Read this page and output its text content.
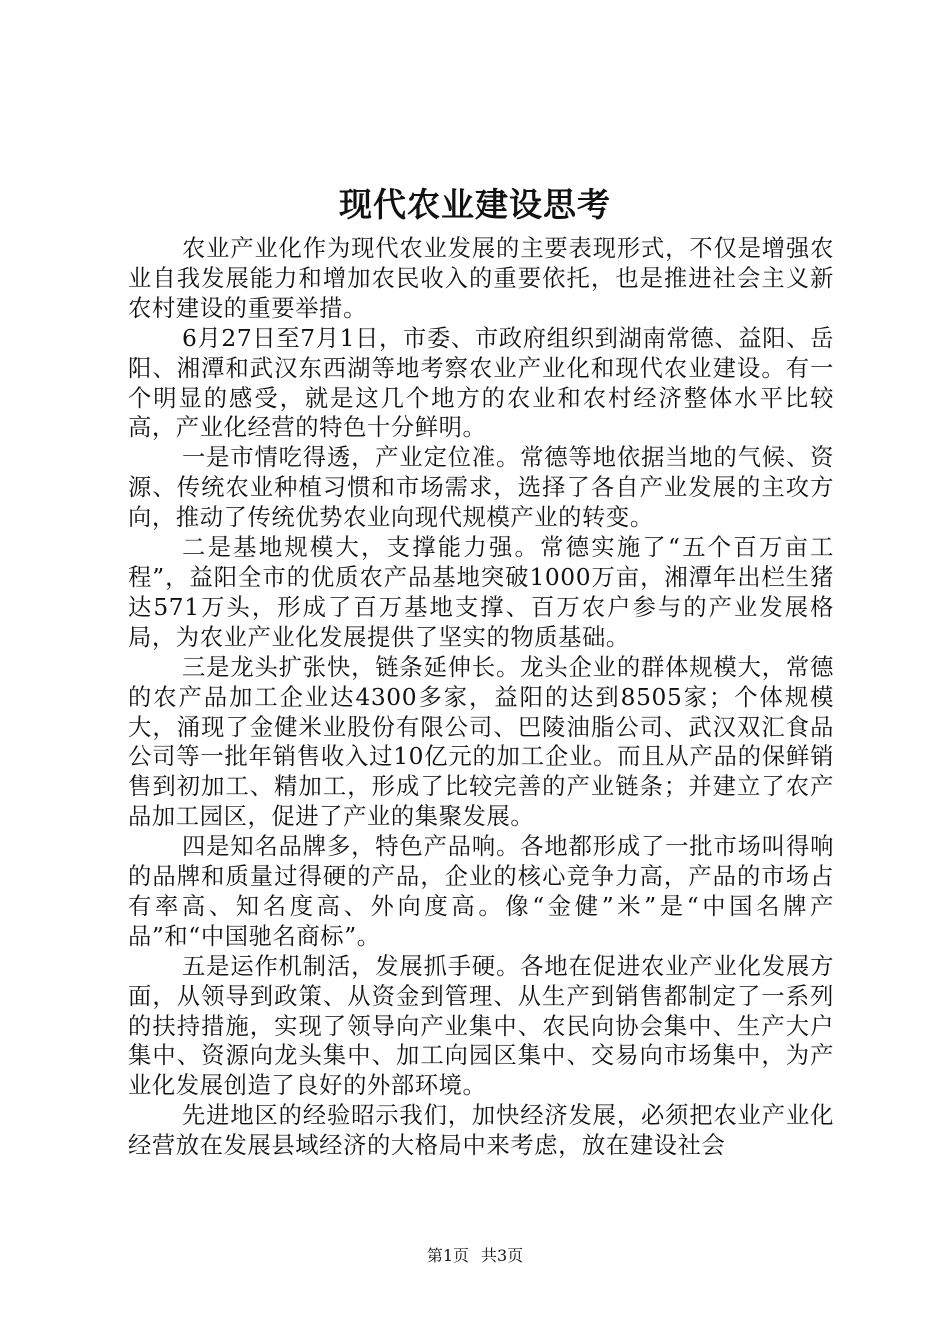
现代农业建设思考

农业产业化作为现代农业发展的主要表现形式，不仅是增强农业自我发展能力和增加农民收入的重要依托，也是推进社会主义新农村建设的重要举措。

6月27日至7月1日，市委、市政府组织到湖南常德、益阳、岳阳、湘潭和武汉东西湖等地考察农业产业化和现代农业建设。有一个明显的感受，就是这几个地方的农业和农村经济整体水平比较高，产业化经营的特色十分鲜明。

一是市情吃得透，产业定位准。常德等地依据当地的气候、资源、传统农业种植习惯和市场需求，选择了各自产业发展的主攻方向，推动了传统优势农业向现代规模产业的转变。

二是基地规模大，支撑能力强。常德实施了“五个百万亩工程”，益阳全市的优质农产品基地突破1000万亩，湘潭年出栏生猪达571万头，形成了百万基地支撑、百万农户参与的产业发展格局，为农业产业化发展提供了坚实的物质基础。

三是龙头扩张快，链条延伸长。龙头企业的群体规模大，常德的农产品加工企业达4300多家，益阳的达到8505家；个体规模大，涌现了金健米业股份有限公司、巴陵油脂公司、武汉双汇食品公司等一批年销售收入过10亿元的加工企业。而且从产品的保鲜销售到初加工、精加工，形成了比较完善的产业链条；并建立了农产品加工园区，促进了产业的集聚发展。

四是知名品牌多，特色产品响。各地都形成了一批市场叫得响的品牌和质量过得硬的产品，企业的核心竞争力高，产品的市场占有率高、知名度高、外向度高。像“金健”米”是“中国名牌产品”和“中国驰名商标”。

五是运作机制活，发展抓手硬。各地在促进农业产业化发展方面，从领导到政策、从资金到管理、从生产到销售都制定了一系列的扶持措施，实现了领导向产业集中、农民向协会集中、生产大户集中、资源向龙头集中、加工向园区集中、交易向市场集中，为产业化发展创造了良好的外部环境。

先进地区的经验昭示我们，加快经济发展，必须把农业产业化经营放在发展县域经济的大格局中来考虑，放在建设社会

第1页 共3页
